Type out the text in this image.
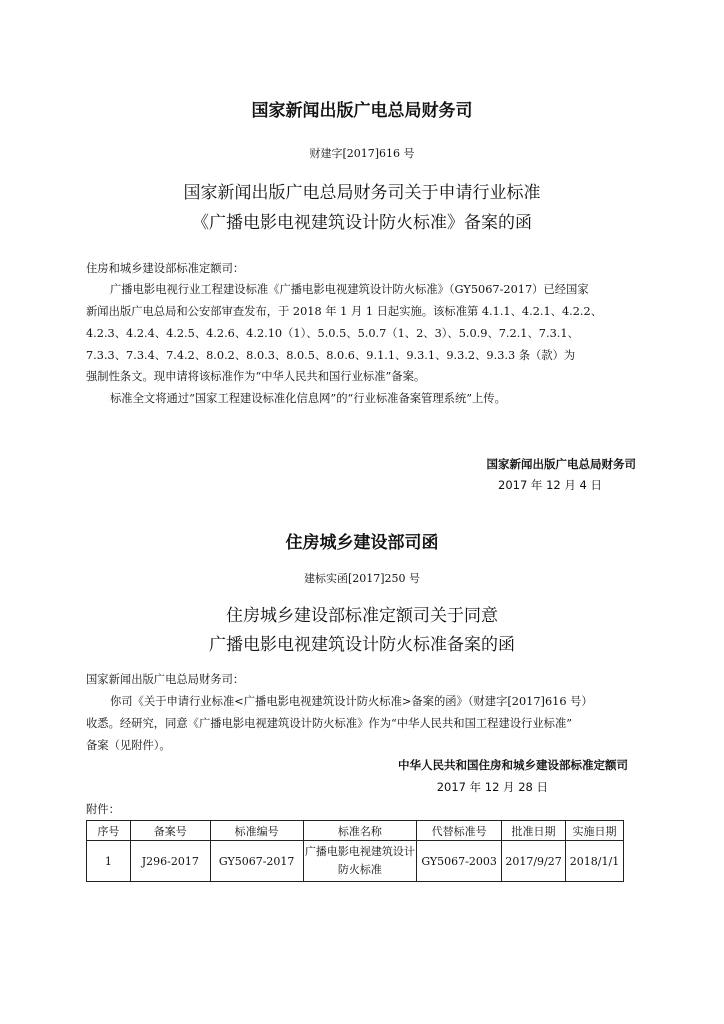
国家新闻出版广电总局财务司
财建字[2017]616 号
国家新闻出版广电总局财务司关于申请行业标准
《广播电影电视建筑设计防火标准》备案的函
住房和城乡建设部标准定额司：
广播电影电视行业工程建设标准《广播电影电视建筑设计防火标准》（GY5067-2017）已经国家
新闻出版广电总局和公安部审查发布，于 2018 年 1 月 1 日起实施。该标准第 4.1.1、4.2.1、4.2.2、
4.2.3、4.2.4、4.2.5、4.2.6、4.2.10（1）、5.0.5、5.0.7（1、2、3）、5.0.9、7.2.1、7.3.1、
7.3.3、7.3.4、7.4.2、8.0.2、8.0.3、8.0.5、8.0.6、9.1.1、9.3.1、9.3.2、9.3.3 条（款）为
强制性条文。现申请将该标准作为“中华人民共和国行业标准”备案。
标准全文将通过“国家工程建设标准化信息网”的“行业标准备案管理系统”上传。
国家新闻出版广电总局财务司
2017 年 12 月 4 日
住房城乡建设部司函
建标实函[2017]250 号
住房城乡建设部标准定额司关于同意
广播电影电视建筑设计防火标准备案的函
国家新闻出版广电总局财务司：
你司《关于申请行业标准<广播电影电视建筑设计防火标准>备案的函》（财建字[2017]616 号）
收悉。经研究，同意《广播电影电视建筑设计防火标准》作为“中华人民共和国工程建设行业标准”
备案（见附件）。
中华人民共和国住房和城乡建设部标准定额司
2017 年 12 月 28 日
附件：
序号	备案号	标准编号	标准名称	代替标准号	批准日期	实施日期
1	J296-2017	GY5067-2017	广播电影电视建筑设计防火标准	GY5067-2003	2017/9/27	2018/1/1
